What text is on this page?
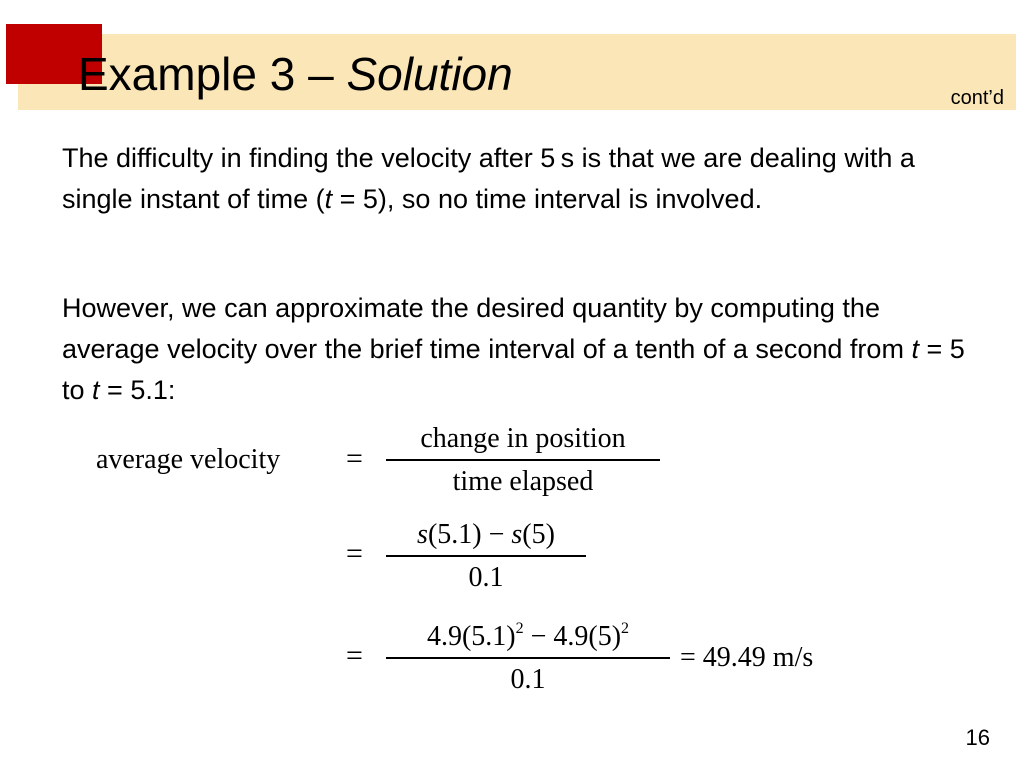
Example 3 – Solution	cont’d
The difficulty in finding the velocity after 5 s is that we are dealing with a single instant of time (t = 5), so no time interval is involved.
However, we can approximate the desired quantity by computing the average velocity over the brief time interval of a tenth of a second from t = 5 to t = 5.1:
average velocity =
change in position
time elapsed
=
s(5.1) − s(5)
0.1
=
$4.9(5.1)^2 - 4.9(5)^2$
0.1
= 49.49 m/s
16
